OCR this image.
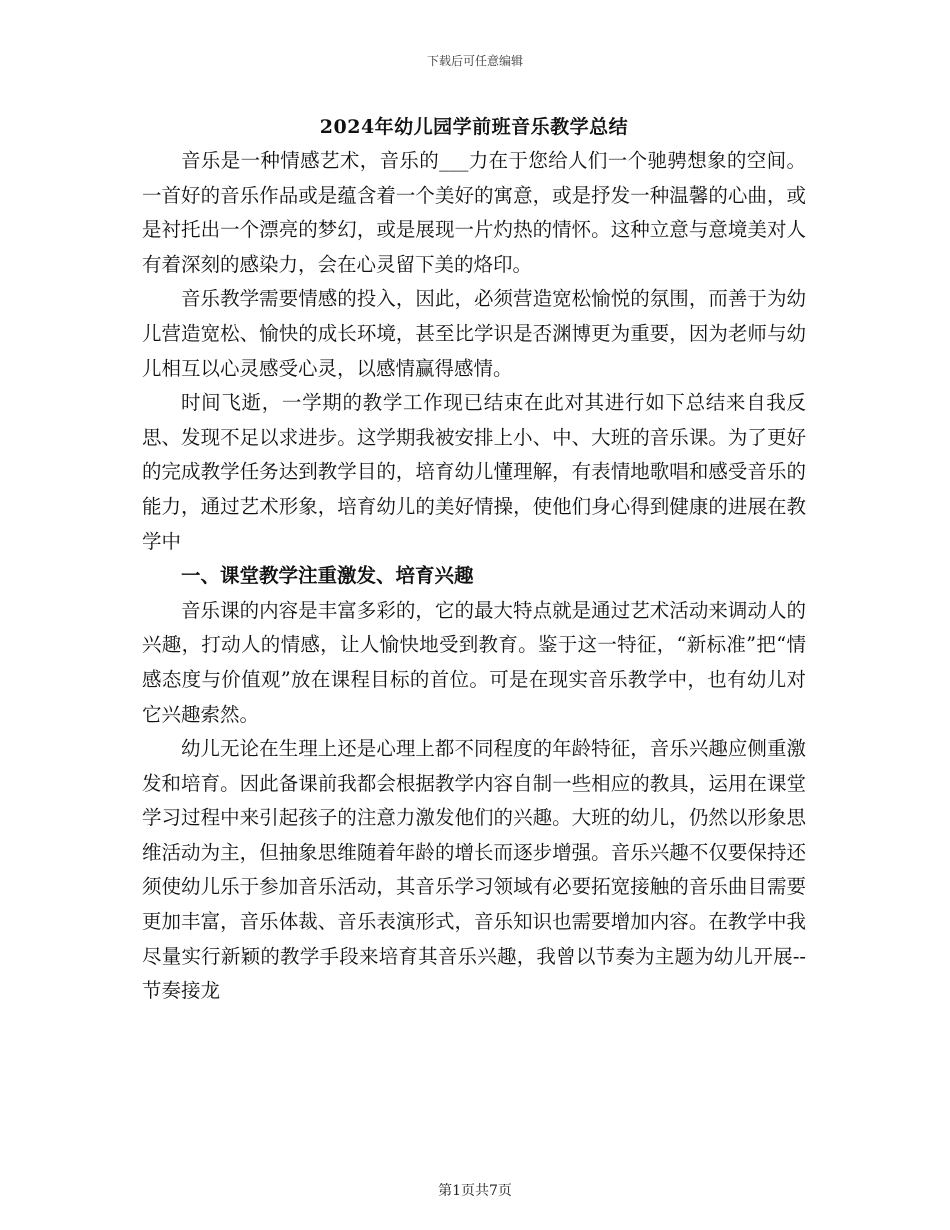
下载后可任意编辑
2024年幼儿园学前班音乐教学总结

音乐是一种情感艺术，音乐的___力在于您给人们一个驰骋想象的空间。一首好的音乐作品或是蕴含着一个美好的寓意，或是抒发一种温馨的心曲，或是衬托出一个漂亮的梦幻，或是展现一片灼热的情怀。这种立意与意境美对人有着深刻的感染力，会在心灵留下美的烙印。

音乐教学需要情感的投入，因此，必须营造宽松愉悦的氛围，而善于为幼儿营造宽松、愉快的成长环境，甚至比学识是否渊博更为重要，因为老师与幼儿相互以心灵感受心灵，以感情赢得感情。

时间飞逝，一学期的教学工作现已结束在此对其进行如下总结来自我反思、发现不足以求进步。这学期我被安排上小、中、大班的音乐课。为了更好的完成教学任务达到教学目的，培育幼儿懂理解，有表情地歌唱和感受音乐的能力，通过艺术形象，培育幼儿的美好情操，使他们身心得到健康的进展在教学中

一、课堂教学注重激发、培育兴趣

音乐课的内容是丰富多彩的，它的最大特点就是通过艺术活动来调动人的兴趣，打动人的情感，让人愉快地受到教育。鉴于这一特征，“新标准”把“情感态度与价值观”放在课程目标的首位。可是在现实音乐教学中，也有幼儿对它兴趣索然。

幼儿无论在生理上还是心理上都不同程度的年龄特征，音乐兴趣应侧重激发和培育。因此备课前我都会根据教学内容自制一些相应的教具，运用在课堂学习过程中来引起孩子的注意力激发他们的兴趣。大班的幼儿，仍然以形象思维活动为主，但抽象思维随着年龄的增长而逐步增强。音乐兴趣不仅要保持还须使幼儿乐于参加音乐活动，其音乐学习领域有必要拓宽接触的音乐曲目需要更加丰富，音乐体裁、音乐表演形式，音乐知识也需要增加内容。在教学中我尽量实行新颖的教学手段来培育其音乐兴趣，我曾以节奏为主题为幼儿开展--节奏接龙

第1页共7页
